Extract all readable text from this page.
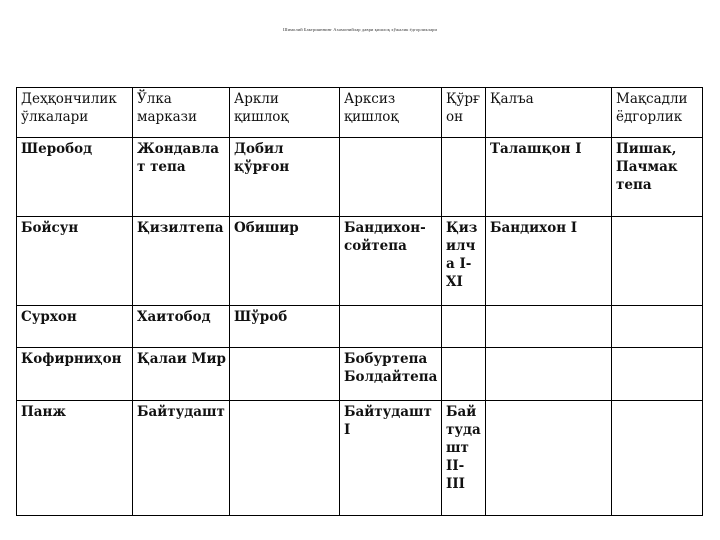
Шимолий Бактрияннинг Ахамонийлар даври қишлоқ хўжалик ёдгорликлари
Деҳқончилик ўлкалари	Ўлка маркази	Аркли қишлоқ	Арксиз қишлоқ	Қўрғон	Қалъа	Мақсадли ёдгорлик
Шеробод	Жондавлат тепа	Добил қўрғон			Талашқон I	Пишак, Пачмак тепа
Бойсун	Қизилтепа	Обишир	Бандихон-сойтепа	Қизилча I-XI	Бандихон I	
Сурхон	Хаитобод	Шўроб				
Кофирниҳон	Қалаи Мир		Бобуртепа Болдайтепа			
Панж	Байтудашт		Байтудашт I	Байтудашт II-III		
